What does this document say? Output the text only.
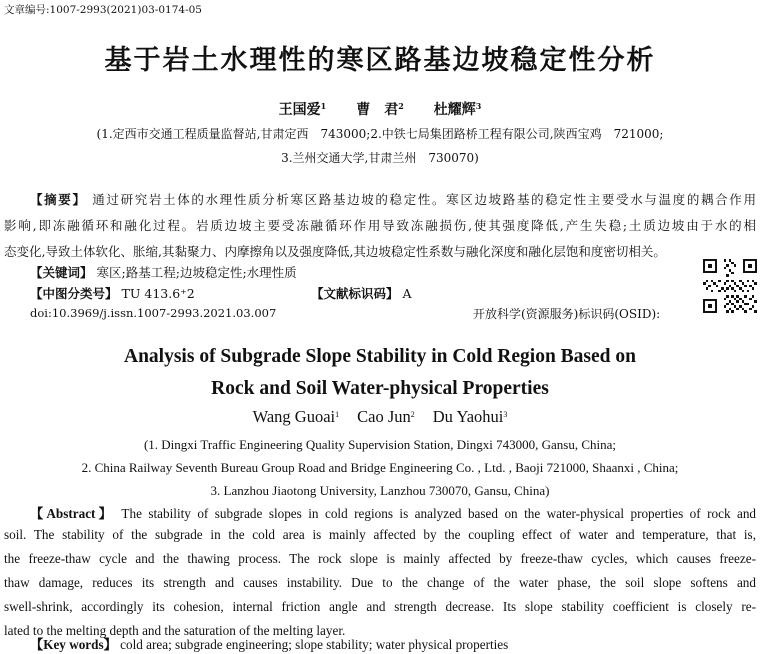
文章编号:1007-2993(2021)03-0174-05
基于岩土水理性的寒区路基边坡稳定性分析
王国爱$^1$ 曹　君$^2$ 杜耀辉$^3$
(1.定西市交通工程质量监督站,甘肃定西　743000;2.中铁七局集团路桥工程有限公司,陕西宝鸡　721000;
3.兰州交通大学,甘肃兰州　730070)
【 摘要 】 通过研究岩土体的水理性质分析寒区路基边坡的稳定性。寒区边坡路基的稳定性主要受水与温度的耦合作用
影响,即冻融循环和融化过程。岩质边坡主要受冻融循环作用导致冻融损伤,使其强度降低,产生失稳;土质边坡由于水的相
态变化,导致土体软化、胀缩,其黏聚力、内摩擦角以及强度降低,其边坡稳定性系数与融化深度和融化层饱和度密切相关。
【 关键词 】 寒区;路基工程;边坡稳定性;水理性质
【 中图分类号 】 TU 413.6⁺2
【	文献标识码 】 A
doi:10.3969/j.issn.1007-2993.2021.03.007	开放科学(资源服务)标识码(OSID):
Analysis of Subgrade Slope Stability in Cold Region Based on
Rock and Soil Water-physical Properties
Wang Guoai$^1$ Cao Jun$^2$ Du Yaohui$^3$
(1. Dingxi Traffic Engineering Quality Supervision Station, Dingxi 743000, Gansu, China;
2. China Railway Seventh Bureau Group Road and Bridge Engineering Co. , Ltd. , Baoji 721000, Shaanxi , China;
3. Lanzhou Jiaotong University, Lanzhou 730070, Gansu, China)
【 Abstract 】 The stability of subgrade slopes in cold regions is analyzed based on the water-physical properties of rock and
soil. The stability of the subgrade in the cold area is mainly affected by the coupling effect of water and temperature, that is,
the freeze-thaw cycle and the thawing process. The rock slope is mainly affected by freeze-thaw cycles, which causes freeze-
thaw damage, reduces its strength and causes instability. Due to the change of the water phase, the soil slope softens and
swell-shrink, accordingly its cohesion, internal friction angle and strength decrease. Its slope stability coefficient is closely re-
lated to the melting depth and the saturation of the melting layer.
【 Key words 】 cold area; subgrade engineering; slope stability; water physical properties
